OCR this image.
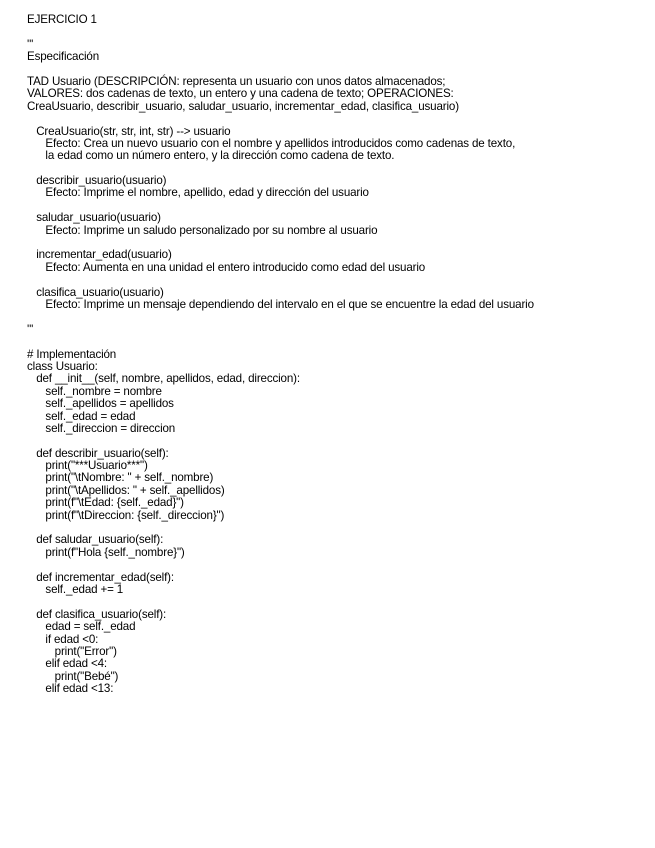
EJERCICIO 1
'''
Especificación
TAD Usuario (DESCRIPCIÓN: representa un usuario con unos datos almacenados;
VALORES: dos cadenas de texto, un entero y una cadena de texto; OPERACIONES:
CreaUsuario, describir_usuario, saludar_usuario, incrementar_edad, clasifica_usuario)
CreaUsuario(str, str, int, str) --> usuario
Efecto: Crea un nuevo usuario con el nombre y apellidos introducidos como cadenas de texto,
la edad como un número entero, y la dirección como cadena de texto.
describir_usuario(usuario)
Efecto: Imprime el nombre, apellido, edad y dirección del usuario
saludar_usuario(usuario)
Efecto: Imprime un saludo personalizado por su nombre al usuario
incrementar_edad(usuario)
Efecto: Aumenta en una unidad el entero introducido como edad del usuario
clasifica_usuario(usuario)
Efecto: Imprime un mensaje dependiendo del intervalo en el que se encuentre la edad del usuario
'''
# Implementación
class Usuario:
def __init__(self, nombre, apellidos, edad, direccion):
self._nombre = nombre
self._apellidos = apellidos
self._edad = edad
self._direccion = direccion
def describir_usuario(self):
print("***Usuario***")
print("\tNombre: " + self._nombre)
print("\tApellidos: " + self._apellidos)
print(f"\tEdad: {self._edad}")
print(f"\tDireccion: {self._direccion}")
def saludar_usuario(self):
print(f"Hola {self._nombre}")
def incrementar_edad(self):
self._edad += 1
def clasifica_usuario(self):
edad = self._edad
if edad <0:
print("Error")
elif edad <4:
print("Bebé")
elif edad <13:
